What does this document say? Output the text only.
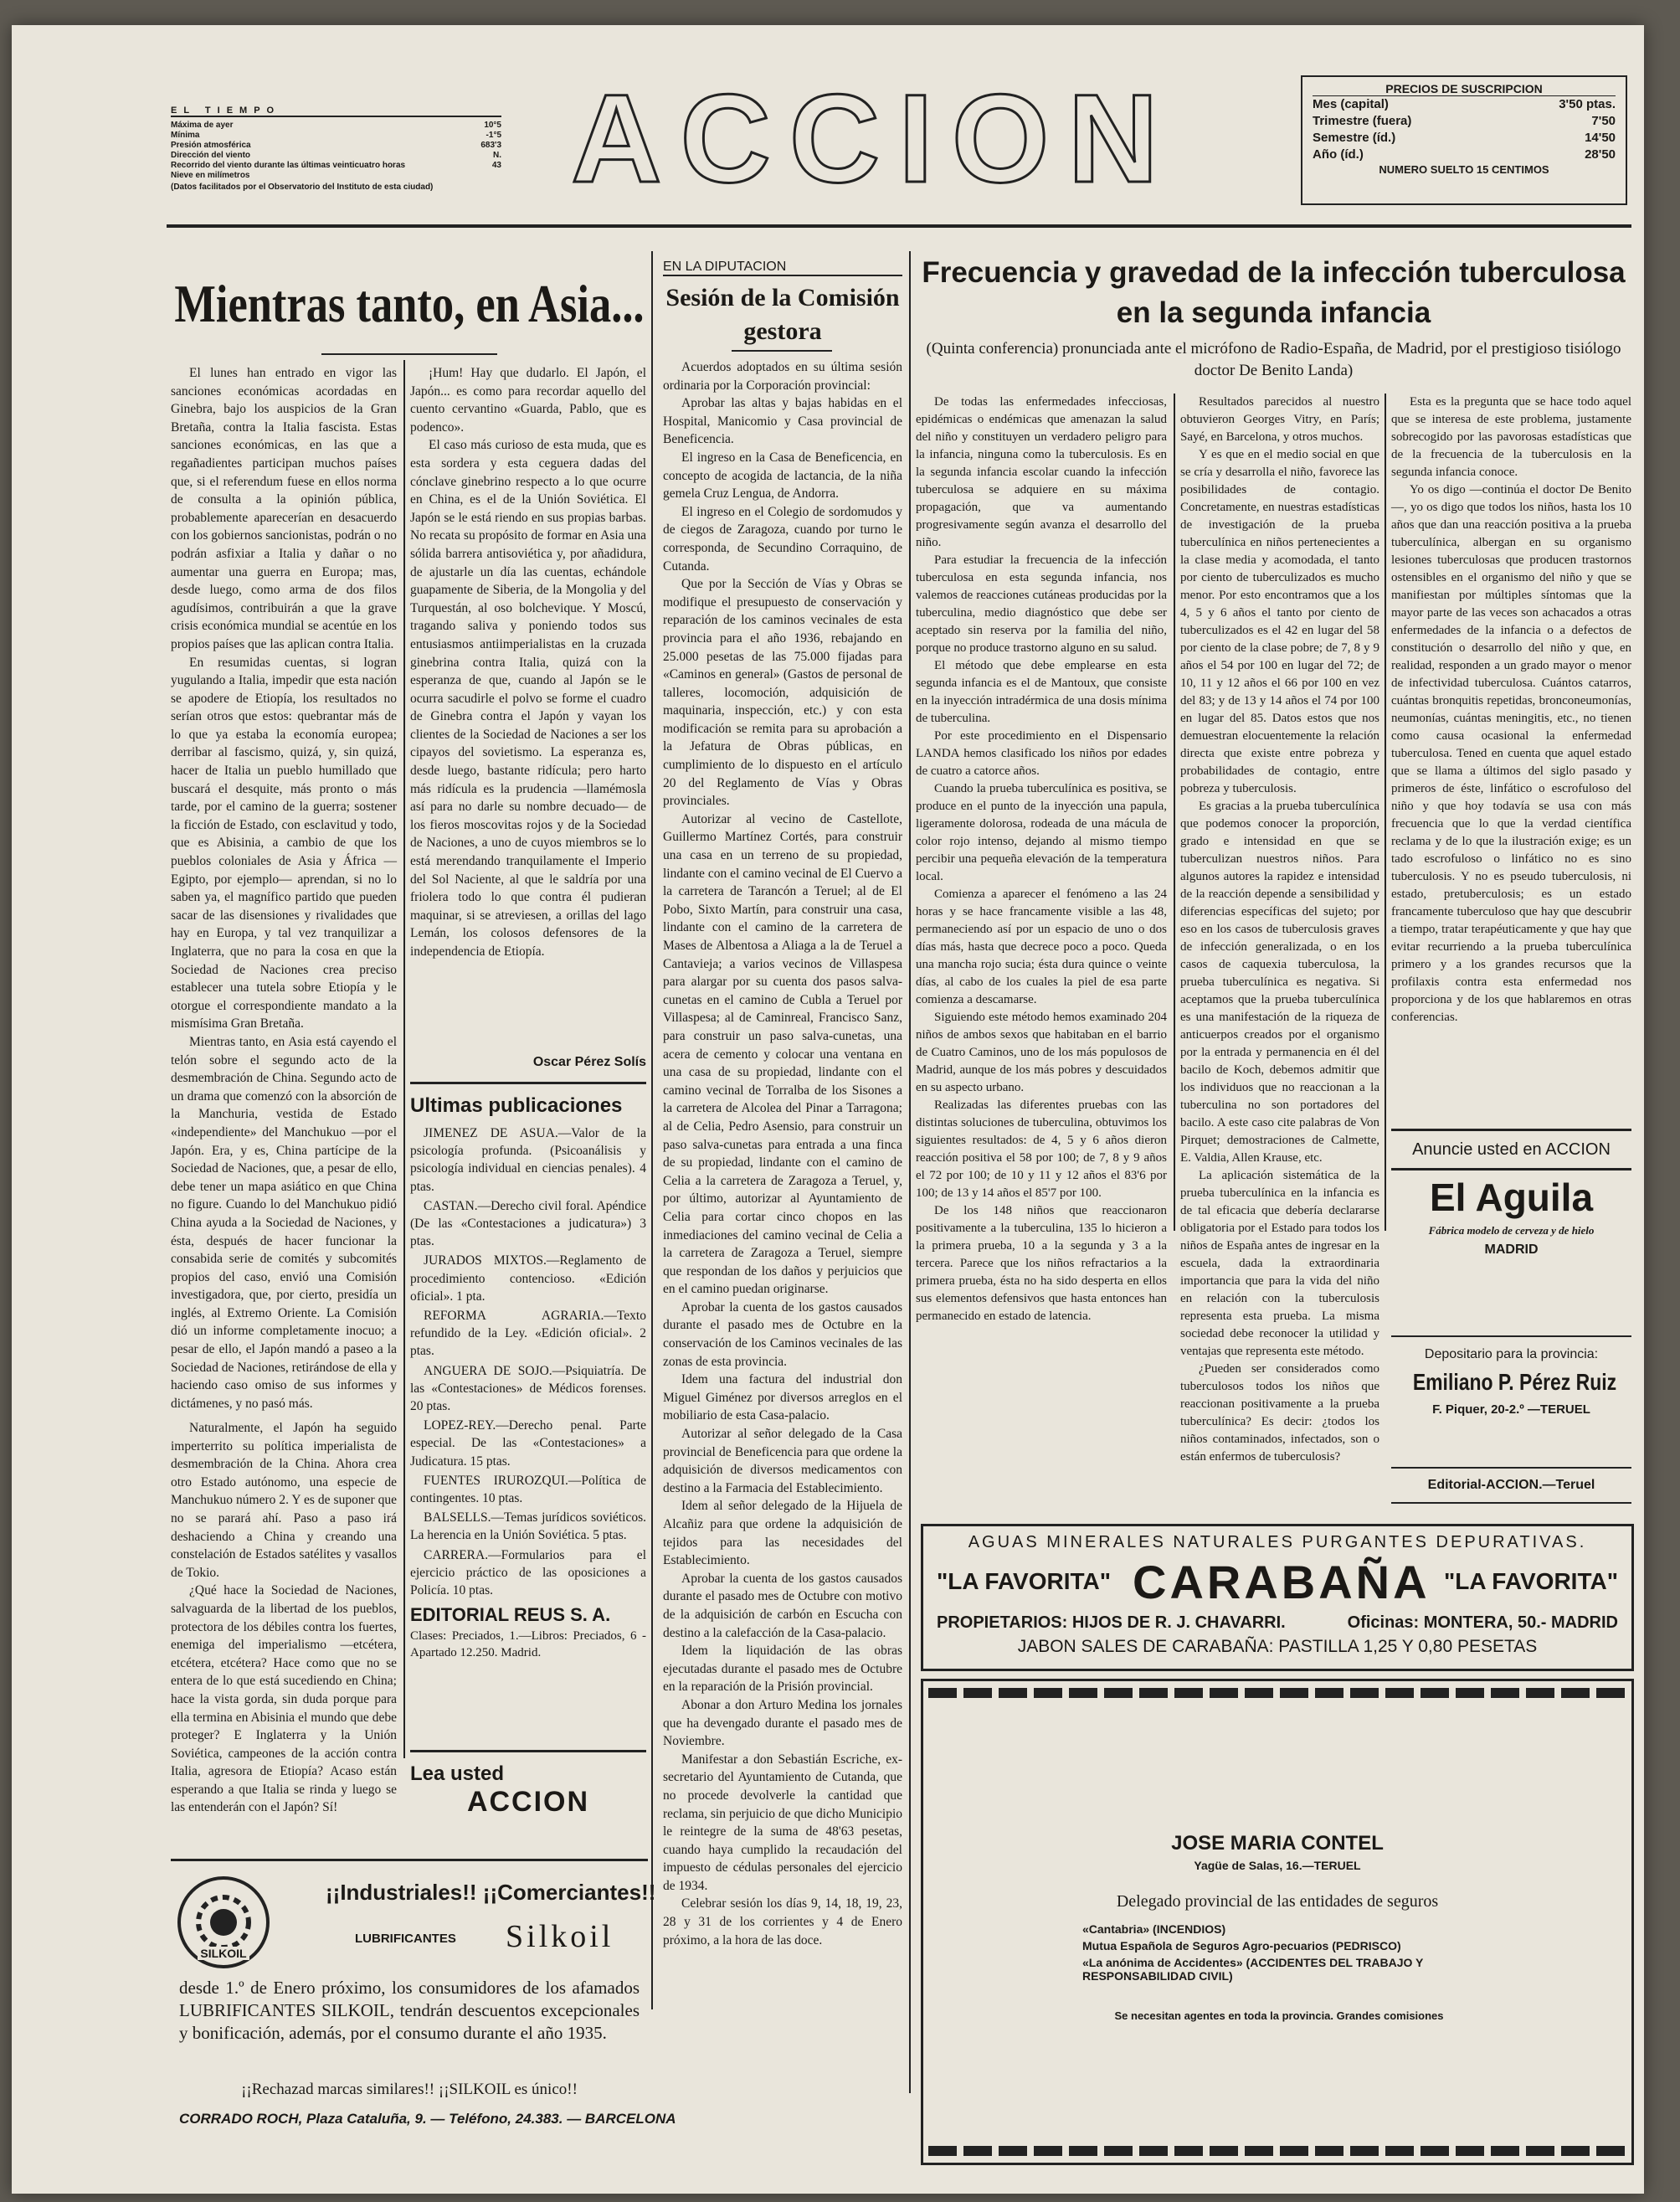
EL TIEMPO
Máxima de ayer	10°5
Mínima	-1°5
Presión atmosférica	683'3
Dirección del viento	N.
Recorrido del viento durante las últimas veinticuatro horas	43
Nieve en milímetros
(Datos facilitados por el Observatorio del Instituto de esta ciudad)	ACCION	PRECIOS DE SUSCRIPCION
Mes (capital)	3'50 ptas.
Trimestre (fuera)	7'50
Semestre (íd.)	14'50
Año (íd.)	28'50
NUMERO SUELTO 15 CENTIMOS
Mientras tanto, en Asia...

El lunes han entrado en vigor las sanciones económicas acordadas en Ginebra, bajo los auspicios de la Gran Bretaña, contra la Italia fascista. Estas sanciones económicas, en las que a regañadientes participan muchos países que, si el referendum fuese en ellos norma de consulta a la opinión pública, probablemente aparecerían en desacuerdo con los gobiernos sancionistas, podrán o no podrán asfixiar a Italia y dañar o no aumentar una guerra en Europa; mas, desde luego, como arma de dos filos agudísimos, contribuirán a que la grave crisis económica mundial se acentúe en los propios países que las aplican contra Italia.

En resumidas cuentas, si logran yugulando a Italia, impedir que esta nación se apodere de Etiopía, los resultados no serían otros que estos: quebrantar más de lo que ya estaba la economía europea; derribar al fascismo, quizá, y, sin quizá, hacer de Italia un pueblo humillado que buscará el desquite, más pronto o más tarde, por el camino de la guerra; sostener la ficción de Estado, con esclavitud y todo, que es Abisinia, a cambio de que los pueblos coloniales de Asia y África —Egipto, por ejemplo— aprendan, si no lo saben ya, el magnífico partido que pueden sacar de las disensiones y rivalidades que hay en Europa, y tal vez tranquilizar a Inglaterra, que no para la cosa en que la Sociedad de Naciones crea preciso establecer una tutela sobre Etiopía y le otorgue el correspondiente mandato a la mismísima Gran Bretaña.

Mientras tanto, en Asia está cayendo el telón sobre el segundo acto de la desmembración de China. Segundo acto de un drama que comenzó con la absorción de la Manchuria, vestida de Estado «independiente» del Manchukuo —por el Japón. Era, y es, China partícipe de la Sociedad de Naciones, que, a pesar de ello, debe tener un mapa asiático en que China no figure. Cuando lo del Manchukuo pidió China ayuda a la Sociedad de Naciones, y ésta, después de hacer funcionar la consabida serie de comités y subcomités propios del caso, envió una Comisión investigadora, que, por cierto, presidía un inglés, al Extremo Oriente. La Comisión dió un informe completamente inocuo; a pesar de ello, el Japón mandó a paseo a la Sociedad de Naciones, retirándose de ella y haciendo caso omiso de sus informes y dictámenes, y no pasó más.

Naturalmente, el Japón ha seguido imperterrito su política imperialista de desmembración de la China. Ahora crea otro Estado autónomo, una especie de Manchukuo número 2. Y es de suponer que no se parará ahí. Paso a paso irá deshaciendo a China y creando una constelación de Estados satélites y vasallos de Tokio.

¿Qué hace la Sociedad de Naciones, salvaguarda de la libertad de los pueblos, protectora de los débiles contra los fuertes, enemiga del imperialismo —etcétera, etcétera, etcétera? Hace como que no se entera de lo que está sucediendo en China; hace la vista gorda, sin duda porque para ella termina en Abisinia el mundo que debe proteger? E Inglaterra y la Unión Soviética, campeones de la acción contra Italia, agresora de Etiopía? Acaso están esperando a que Italia se rinda y luego se las entenderán con el Japón? Sí!

¡Hum! Hay que dudarlo. El Japón, el Japón... es como para recordar aquello del cuento cervantino «Guarda, Pablo, que es podenco».

El caso más curioso de esta muda, que es esta sordera y esta ceguera dadas del cónclave ginebrino respecto a lo que ocurre en China, es el de la Unión Soviética. El Japón se le está riendo en sus propias barbas. No recata su propósito de formar en Asia una sólida barrera antisoviética y, por añadidura, de ajustarle un día las cuentas, echándole guapamente de Siberia, de la Mongolia y del Turquestán, al oso bolchevique. Y Moscú, tragando saliva y poniendo todos sus entusiasmos antiimperialistas en la cruzada ginebrina contra Italia, quizá con la esperanza de que, cuando al Japón se le ocurra sacudirle el polvo se forme el cuadro de Ginebra contra el Japón y vayan los clientes de la Sociedad de Naciones a ser los cipayos del sovietismo. La esperanza es, desde luego, bastante ridícula; pero harto más ridícula es la prudencia —llamémosla así para no darle su nombre decuado— de los fieros moscovitas rojos y de la Sociedad de Naciones, a uno de cuyos miembros se lo está merendando tranquilamente el Imperio del Sol Naciente, al que le saldría por una friolera todo lo que contra él pudieran maquinar, si se atreviesen, a orillas del lago Lemán, los colosos defensores de la independencia de Etiopía.

Oscar Pérez Solís
Ultimas publicaciones

JIMENEZ DE ASUA.—Valor de la psicología profunda. (Psicoanálisis y psicología individual en ciencias penales). 4 ptas.

CASTAN.—Derecho civil foral. Apéndice (De las «Contestaciones a judicatura») 3 ptas.

JURADOS MIXTOS.—Reglamento de procedimiento contencioso. «Edición oficial». 1 pta.

REFORMA AGRARIA.—Texto refundido de la Ley. «Edición oficial». 2 ptas.

ANGUERA DE SOJO.—Psiquiatría. De las «Contestaciones» de Médicos forenses. 20 ptas.

LOPEZ-REY.—Derecho penal. Parte especial. De las «Contestaciones» a Judicatura. 15 ptas.

FUENTES IRUROZQUI.—Política de contingentes. 10 ptas.

BALSELLS.—Temas jurídicos soviéticos. La herencia en la Unión Soviética. 5 ptas.

CARRERA.—Formularios para el ejercicio práctico de las oposiciones a Policía. 10 ptas.

EDITORIAL REUS S. A.
Clases: Preciados, 1.—Libros: Preciados, 6 - Apartado 12.250. Madrid.
Lea usted
ACCION
SILKOIL
¡¡Industriales!! ¡¡Comerciantes!!
LUBRIFICANTES Silkoil
desde 1.º de Enero próximo, los consumidores de los afamados LUBRIFICANTES SILKOIL, tendrán descuentos excepcionales y bonificación, además, por el consumo durante el año 1935.
¡¡Rechazad marcas similares!! ¡¡SILKOIL es único!!
CORRADO ROCH, Plaza Cataluña, 9. — Teléfono, 24.383. — BARCELONA
EN LA DIPUTACION
Sesión de la Comisión gestora

Acuerdos adoptados en su última sesión ordinaria por la Corporación provincial:

Aprobar las altas y bajas habidas en el Hospital, Manicomio y Casa provincial de Beneficencia.

El ingreso en la Casa de Beneficencia, en concepto de acogida de lactancia, de la niña gemela Cruz Lengua, de Andorra.

El ingreso en el Colegio de sordomudos y de ciegos de Zaragoza, cuando por turno le corresponda, de Secundino Corraquino, de Cutanda.

Que por la Sección de Vías y Obras se modifique el presupuesto de conservación y reparación de los caminos vecinales de esta provincia para el año 1936, rebajando en 25.000 pesetas de las 75.000 fijadas para «Caminos en general» (Gastos de personal de talleres, locomoción, adquisición de maquinaria, inspección, etc.) y con esta modificación se remita para su aprobación a la Jefatura de Obras públicas, en cumplimiento de lo dispuesto en el artículo 20 del Reglamento de Vías y Obras provinciales.

Autorizar al vecino de Castellote, Guillermo Martínez Cortés, para construir una casa en un terreno de su propiedad, lindante con el camino vecinal de El Cuervo a la carretera de Tarancón a Teruel; al de El Pobo, Sixto Martín, para construir una casa, lindante con el camino de la carretera de Mases de Albentosa a Aliaga a la de Teruel a Cantavieja; a varios vecinos de Villaspesa para alargar por su cuenta dos pasos salva-cunetas en el camino de Cubla a Teruel por Villaspesa; al de Caminreal, Francisco Sanz, para construir un paso salva-cunetas, una acera de cemento y colocar una ventana en una casa de su propiedad, lindante con el camino vecinal de Torralba de los Sisones a la carretera de Alcolea del Pinar a Tarragona; al de Celia, Pedro Asensio, para construir un paso salva-cunetas para entrada a una finca de su propiedad, lindante con el camino de Celia a la carretera de Zaragoza a Teruel, y, por último, autorizar al Ayuntamiento de Celia para cortar cinco chopos en las inmediaciones del camino vecinal de Celia a la carretera de Zaragoza a Teruel, siempre que respondan de los daños y perjuicios que en el camino puedan originarse.

Aprobar la cuenta de los gastos causados durante el pasado mes de Octubre en la conservación de los Caminos vecinales de las zonas de esta provincia.

Idem una factura del industrial don Miguel Giménez por diversos arreglos en el mobiliario de esta Casa-palacio.

Autorizar al señor delegado de la Casa provincial de Beneficencia para que ordene la adquisición de diversos medicamentos con destino a la Farmacia del Establecimiento.

Idem al señor delegado de la Hijuela de Alcañiz para que ordene la adquisición de tejidos para las necesidades del Establecimiento.

Aprobar la cuenta de los gastos causados durante el pasado mes de Octubre con motivo de la adquisición de carbón en Escucha con destino a la calefacción de la Casa-palacio.

Idem la liquidación de las obras ejecutadas durante el pasado mes de Octubre en la reparación de la Prisión provincial.

Abonar a don Arturo Medina los jornales que ha devengado durante el pasado mes de Noviembre.

Manifestar a don Sebastián Escriche, ex-secretario del Ayuntamiento de Cutanda, que no procede devolverle la cantidad que reclama, sin perjuicio de que dicho Municipio le reintegre de la suma de 48'63 pesetas, cuando haya cumplido la recaudación del impuesto de cédulas personales del ejercicio de 1934.

Celebrar sesión los días 9, 14, 18, 19, 23, 28 y 31 de los corrientes y 4 de Enero próximo, a la hora de las doce.

Frecuencia y gravedad de la infección tuberculosa en la segunda infancia
(Quinta conferencia) pronunciada ante el micrófono de Radio-España, de Madrid, por el prestigioso tisiólogo doctor De Benito Landa)

De todas las enfermedades infecciosas, epidémicas o endémicas que amenazan la salud del niño y constituyen un verdadero peligro para la infancia, ninguna como la tuberculosis. Es en la segunda infancia escolar cuando la infección tuberculosa se adquiere en su máxima propagación, que va aumentando progresivamente según avanza el desarrollo del niño.

Para estudiar la frecuencia de la infección tuberculosa en esta segunda infancia, nos valemos de reacciones cutáneas producidas por la tuberculina, medio diagnóstico que debe ser aceptado sin reserva por la familia del niño, porque no produce trastorno alguno en su salud.

El método que debe emplearse en esta segunda infancia es el de Mantoux, que consiste en la inyección intradérmica de una dosis mínima de tuberculina.

Por este procedimiento en el Dispensario LANDA hemos clasificado los niños por edades de cuatro a catorce años.

Cuando la prueba tuberculínica es positiva, se produce en el punto de la inyección una papula, ligeramente dolorosa, rodeada de una mácula de color rojo intenso, dejando al mismo tiempo percibir una pequeña elevación de la temperatura local.

Comienza a aparecer el fenómeno a las 24 horas y se hace francamente visible a las 48, permaneciendo así por un espacio de uno o dos días más, hasta que decrece poco a poco. Queda una mancha rojo sucia; ésta dura quince o veinte días, al cabo de los cuales la piel de esa parte comienza a descamarse.

Siguiendo este método hemos examinado 204 niños de ambos sexos que habitaban en el barrio de Cuatro Caminos, uno de los más populosos de Madrid, aunque de los más pobres y descuidados en su aspecto urbano.

Realizadas las diferentes pruebas con las distintas soluciones de tuberculina, obtuvimos los siguientes resultados: de 4, 5 y 6 años dieron reacción positiva el 58 por 100; de 7, 8 y 9 años el 72 por 100; de 10 y 11 y 12 años el 83'6 por 100; de 13 y 14 años el 85'7 por 100.

De los 148 niños que reaccionaron positivamente a la tuberculina, 135 lo hicieron a la primera prueba, 10 a la segunda y 3 a la tercera. Parece que los niños refractarios a la primera prueba, ésta no ha sido desperta en ellos sus elementos defensivos que hasta entonces han permanecido en estado de latencia.

Resultados parecidos al nuestro obtuvieron Georges Vitry, en París; Sayé, en Barcelona, y otros muchos.

Y es que en el medio social en que se cría y desarrolla el niño, favorece las posibilidades de contagio. Concretamente, en nuestras estadísticas de investigación de la prueba tuberculínica en niños pertenecientes a la clase media y acomodada, el tanto por ciento de tuberculizados es mucho menor. Por esto encontramos que a los 4, 5 y 6 años el tanto por ciento de tuberculizados es el 42 en lugar del 58 por ciento de la clase pobre; de 7, 8 y 9 años el 54 por 100 en lugar del 72; de 10, 11 y 12 años el 66 por 100 en vez del 83; y de 13 y 14 años el 74 por 100 en lugar del 85. Datos estos que nos demuestran elocuentemente la relación directa que existe entre pobreza y probabilidades de contagio, entre pobreza y tuberculosis.

Es gracias a la prueba tuberculínica que podemos conocer la proporción, grado e intensidad en que se tuberculizan nuestros niños. Para algunos autores la rapidez e intensidad de la reacción depende a sensibilidad y diferencias específicas del sujeto; por eso en los casos de tuberculosis graves de infección generalizada, o en los casos de caquexia tuberculosa, la prueba tuberculínica es negativa. Si aceptamos que la prueba tuberculínica es una manifestación de la riqueza de anticuerpos creados por el organismo por la entrada y permanencia en él del bacilo de Koch, debemos admitir que los individuos que no reaccionan a la tuberculina no son portadores del bacilo. A este caso cite palabras de Von Pirquet; demostraciones de Calmette, E. Valdia, Allen Krause, etc.

La aplicación sistemática de la prueba tuberculínica en la infancia es de tal eficacia que debería declararse obligatoria por el Estado para todos los niños de España antes de ingresar en la escuela, dada la extraordinaria importancia que para la vida del niño en relación con la tuberculosis representa esta prueba. La misma sociedad debe reconocer la utilidad y ventajas que representa este método.

¿Pueden ser considerados como tuberculosos todos los niños que reaccionan positivamente a la prueba tuberculínica? Es decir: ¿todos los niños contaminados, infectados, son o están enfermos de tuberculosis?

Esta es la pregunta que se hace todo aquel que se interesa de este problema, justamente sobrecogido por las pavorosas estadísticas que de la frecuencia de la tuberculosis en la segunda infancia conoce.

Yo os digo —continúa el doctor De Benito—, yo os digo que todos los niños, hasta los 10 años que dan una reacción positiva a la prueba tuberculínica, albergan en su organismo lesiones tuberculosas que producen trastornos ostensibles en el organismo del niño y que se manifiestan por múltiples síntomas que la mayor parte de las veces son achacados a otras enfermedades de la infancia o a defectos de constitución o desarrollo del niño y que, en realidad, responden a un grado mayor o menor de infectividad tuberculosa. Cuántos catarros, cuántas bronquitis repetidas, bronconeumonías, neumonías, cuántas meningitis, etc., no tienen como causa ocasional la enfermedad tuberculosa. Tened en cuenta que aquel estado que se llama a últimos del siglo pasado y primeros de éste, linfático o escrofuloso del niño y que hoy todavía se usa con más frecuencia que lo que la verdad científica reclama y de lo que la ilustración exige; es un tado escrofuloso o linfático no es sino tuberculosis. Y no es pseudo tuberculosis, ni estado, pretuberculosis; es un estado francamente tuberculoso que hay que descubrir a tiempo, tratar terapéuticamente y que hay que evitar recurriendo a la prueba tuberculínica primero y a los grandes recursos que la profilaxis contra esta enfermedad nos proporciona y de los que hablaremos en otras conferencias.

Anuncie usted en ACCION
El Aguila
Fábrica modelo de cerveza y de hielo
MADRID
Depositario para la provincia:
Emiliano P. Pérez Ruiz
F. Piquer, 20-2.º —TERUEL
Editorial-ACCION.—Teruel
AGUAS MINERALES NATURALES PURGANTES DEPURATIVAS.
"LA FAVORITA" CARABAÑA "LA FAVORITA"
PROPIETARIOS: HIJOS DE R. J. CHAVARRI.	Oficinas: MONTERA, 50.- MADRID
JABON SALES DE CARABAÑA: PASTILLA 1,25 Y 0,80 PESETAS
JOSE MARIA CONTEL
Yagüe de Salas, 16.—TERUEL
Delegado provincial de las entidades de seguros
«Cantabria» (INCENDIOS)
Mutua Española de Seguros Agro-pecuarios (PEDRISCO)
«La anónima de Accidentes» (ACCIDENTES DEL TRABAJO Y RESPONSABILIDAD CIVIL)
Se necesitan agentes en toda la provincia. Grandes comisiones
